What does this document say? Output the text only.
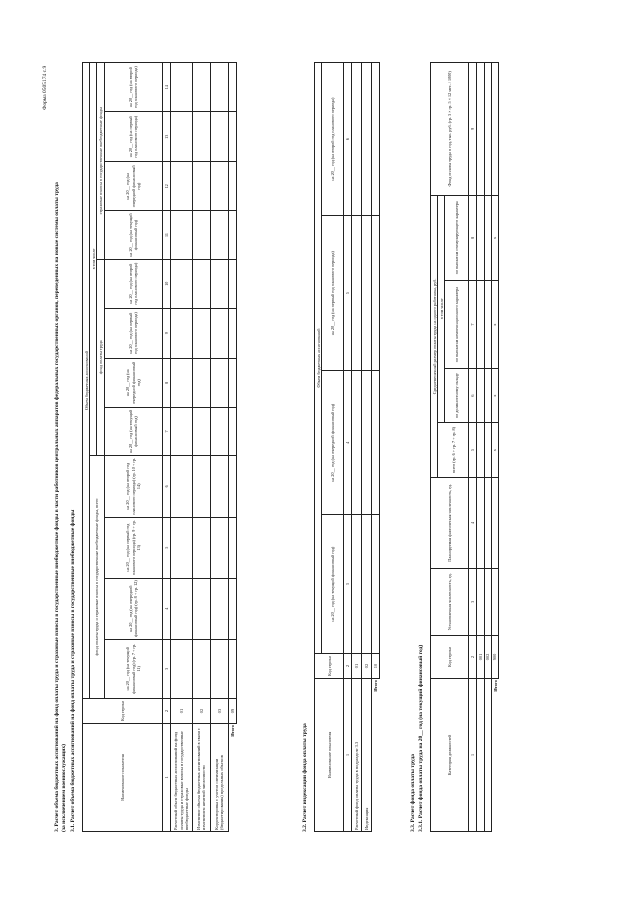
Форма 0505174 с.9
3. Расчет объема бюджетных ассигнований на фонд оплаты труда и страховые взносы в государственные внебюджетные фонды в части работников центральных аппаратов федеральных государственных органов, переведенных на новые системы оплаты труда (за исключением военнослужащих) 3.1. Расчет объема бюджетных ассигнований на фонд оплаты труда и страховые взносы в государственные внебюджетные фонды	Наименование показателя	Код строки	Объем бюджетных ассигнований											
		фонд оплаты труда и страховые взносы в государственные внебюджетные фонды, всего				в том числе							
						фонд оплаты труда				страховые взносы в государственные внебюджетные фонды			
		на 20__ год (на текущий финансовый год) (гр. 7 + гр. 11)	на 20__ год (на очередной финансовый год) (гр. 8 + гр. 12)	на 20__ год (на первый год планового периода) (гр. 9 + гр. 13)	на 20__ год (на второй год планового периода) (гр. 10 + гр. 14)	на 20__ год (на текущий финансовый год)	на 20__ год (на очередной финансовый год)	на 20__ год (на первый год планового периода)	на 20__ год (на второй год планового периода)	на 20__ год (на текущий финансовый год)	на 20__ год (на очередной финансовый год)	на 20__ год (на первый год планового периода)	на 20__ год (на второй год планового периода)
1	2	3	4	5	6	7	8	9	10	11	12	13	14
Расчетный объем бюджетных ассигнований на фонд оплаты труда и страховые взносы в государственные внебюджетные фонды	01												
Изменение объема бюджетных ассигнований в связи с изменением штатной численности	02												
Корректировка с учетом оптимизации (бюджетирования) предельных объемов	03												
Итого	09												
3.2. Расчет индексации фонда оплаты труда	Наименование показателя	Код строки	Объем бюджетных ассигнований			
		на 20__ год (на текущий финансовый год)	на 20__ год (на очередной финансовый год)	на 20__ год (на первый год планового периода)	на 20__ год (на второй год планового периода)
1	2	3	4	5	6
Расчетный фонд оплаты труда в подразделе 3.3	01				
Индексация	02				
Итого	10				
3.3. Расчет фонда оплаты труда 3.3.1. Расчет фонда оплаты труда на 20__ год (на текущий финансовый год)	Категория должностей	Код строки	Установленная численность, ед.	Планируемая фактическая численность, ед.	Среднемесячный размер оплаты труда на одного работника, руб.				Фонд оплаты труда в год, тыс. руб. (гр. 3 × гр. 5 × 12 мес. / 1000)
				всего (гр. 6 + гр. 7 + гр. 8)	в том числе			
					по должностному окладу	по выплатам компенсационного характера	по выплатам стимулирующего характера	
1	2	3	4	5	6	7	8	9
	001							
	002							
Итого	900			x	x	x	x	
